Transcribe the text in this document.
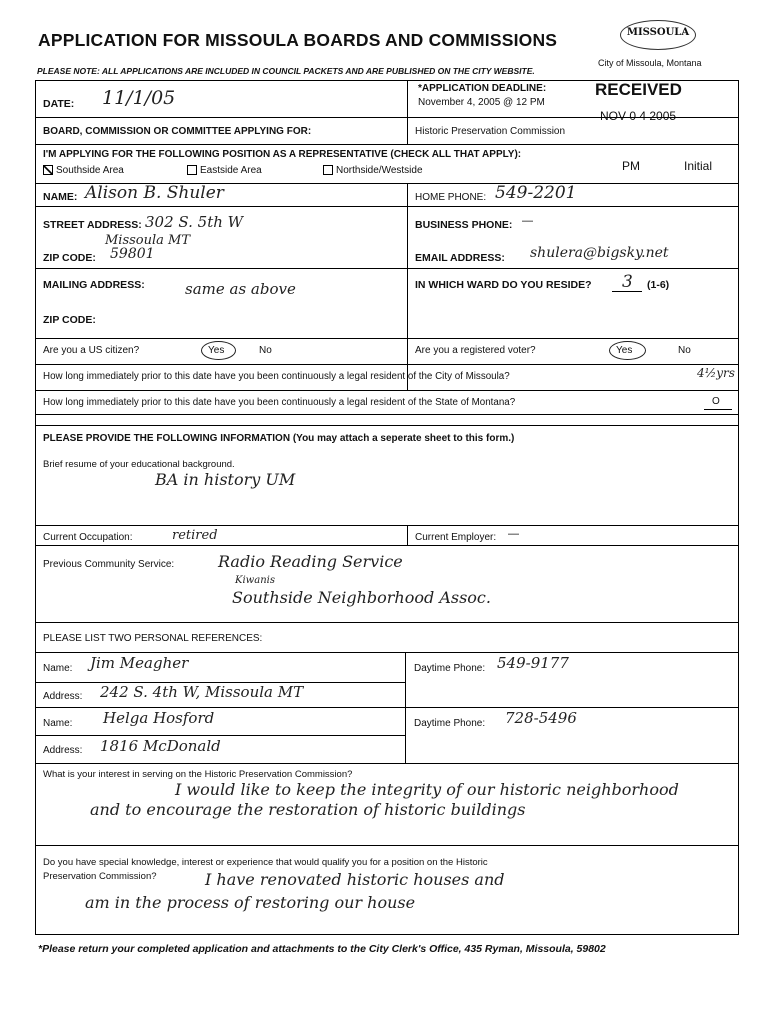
APPLICATION FOR MISSOULA BOARDS AND COMMISSIONS	MISSOULA
PLEASE NOTE: ALL APPLICATIONS ARE INCLUDED IN COUNCIL PACKETS AND ARE PUBLISHED ON THE CITY WEBSITE.
City of Missoula, Montana
RECEIVED
NOV 0 4 2005
PM	Initial
DATE: 11/1/05	*APPLICATION DEADLINE:
November 4, 2005 @ 12 PM
BOARD, COMMISSION OR COMMITTEE APPLYING FOR:	Historic Preservation Commission
I'M APPLYING FOR THE FOLLOWING POSITION AS A REPRESENTATIVE (CHECK ALL THAT APPLY):
Southside Area	Eastside Area	Northside/Westside
NAME: Alison B. Shuler	HOME PHONE: 549-2201
STREET ADDRESS: 302 S. 5th W
Missoula MT
BUSINESS PHONE: —
ZIP CODE: 59801	EMAIL ADDRESS: shulera@bigsky.net
MAILING ADDRESS:	same as above	IN WHICH WARD DO YOU RESIDE? 3 (1-6)
ZIP CODE:
Are you a US citizen?	Yes	No	Are you a registered voter?	Yes	No
How long immediately prior to this date have you been continuously a legal resident of the City of Missoula?	4½yrs
How long immediately prior to this date have you been continuously a legal resident of the State of Montana?	O
PLEASE PROVIDE THE FOLLOWING INFORMATION (You may attach a seperate sheet to this form.)
Brief resume of your educational background.
BA in history UM
Current Occupation:	retired	Current Employer: —
Previous Community Service:	Radio Reading Service
Kiwanis
Southside Neighborhood Assoc.
PLEASE LIST TWO PERSONAL REFERENCES:
Name: Jim Meagher	Daytime Phone: 549-9177
Address: 242 S. 4th W, Missoula MT
Name: Helga Hosford	Daytime Phone: 728-5496
Address: 1816 McDonald
What is your interest in serving on the Historic Preservation Commission?
I would like to keep the integrity of our historic neighborhood
and to encourage the restoration of historic buildings
Do you have special knowledge, interest or experience that would qualify you for a position on the Historic
Preservation Commission?	I have renovated historic houses and
am in the process of restoring our house
*Please return your completed application and attachments to the City Clerk's Office, 435 Ryman, Missoula, 59802
